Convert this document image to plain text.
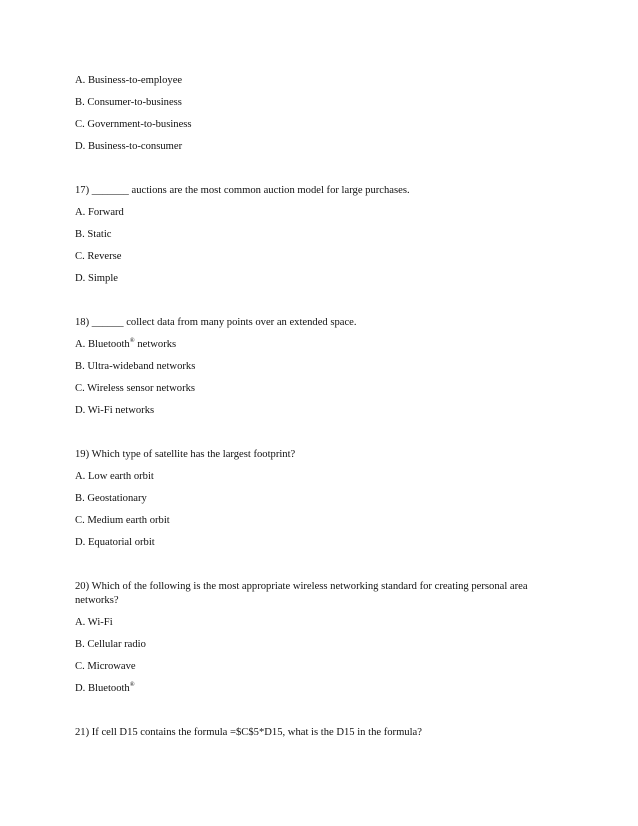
A. Business-to-employee

B. Consumer-to-business

C. Government-to-business

D. Business-to-consumer

17) _______ auctions are the most common auction model for large purchases.

A. Forward

B. Static

C. Reverse

D. Simple

18) ______ collect data from many points over an extended space.

A. Bluetooth® networks

B. Ultra-wideband networks

C. Wireless sensor networks

D. Wi-Fi networks

19) Which type of satellite has the largest footprint?

A. Low earth orbit

B. Geostationary

C. Medium earth orbit

D. Equatorial orbit

20) Which of the following is the most appropriate wireless networking standard for creating personal area

networks?

A. Wi-Fi

B. Cellular radio

C. Microwave

D. Bluetooth®

21) If cell D15 contains the formula =$C$5*D15, what is the D15 in the formula?
